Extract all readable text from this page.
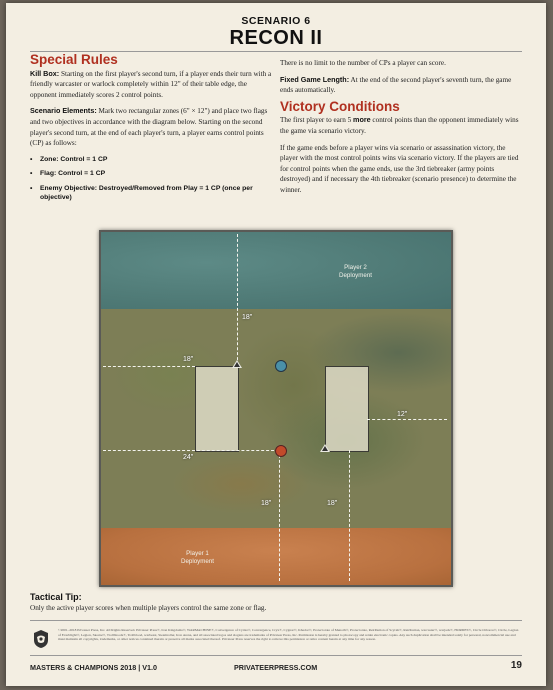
SCENARIO 6
RECON II
Special Rules

Kill Box: Starting on the first player's second turn, if a player ends their turn with a friendly warcaster or warlock completely within 12" of their table edge, the opponent immediately scores 2 control points.

Scenario Elements: Mark two rectangular zones (6" × 12") and place two flags and two objectives in accordance with the diagram below. Starting on the second player's second turn, at the end of each player's turn, a player earns control points (CP) as follows:

• Zone: Control = 1 CP
• Flag: Control = 1 CP
• Enemy Objective: Destroyed/Removed from Play = 1 CP (once per objective)

There is no limit to the number of CPs a player can score.

Fixed Game Length: At the end of the second player's seventh turn, the game ends automatically.

Victory Conditions

The first player to earn 5 more control points than the opponent immediately wins the game via scenario victory.

If the game ends before a player wins via scenario or assassination victory, the player with the most control points wins via scenario victory. If the players are tied for control points when the game ends, use the 3rd tiebreaker (army points destroyed) and if necessary the 4th tiebreaker (scenario presence) to determine the winner.

Player 2
Deployment
Player 1
Deployment
18"
18"
12"
24"
18"	18"
Tactical Tip:
Only the active player scores when multiple players control the same zone or flag.
©2001–2018 Privateer Press, Inc. All Rights Reserved. Privateer Press®, Iron Kingdoms®, WARMACHINE®, Convergence of Cyriss®, Convergence, Cryx®, Cygnar®, Khador®, Protectorate of Menoth®, Protectorate, Retribution of Scyrah®, Retribution, warcaster®, warjack®, HORDES®, Circle Orboros®, Circle, Legion of Everblight®, Legion, Skorne®, Trollbloods®, Trollblood, warbeast, Steamroller, Iron Arena, and all associated logos and slogans are trademarks of Privateer Press, Inc. Permission is hereby granted to photocopy and retain electronic copies. Any such duplication shall be intended solely for personal, noncommercial use and must maintain all copyrights, trademarks, or other notices contained therein or preserve all marks associated thereof. Privateer Press reserves the right to remove this permission or retire content herein at any time for any reason.
MASTERS & CHAMPIONS 2018 | V1.0	PRIVATEERPRESS.COM	19
